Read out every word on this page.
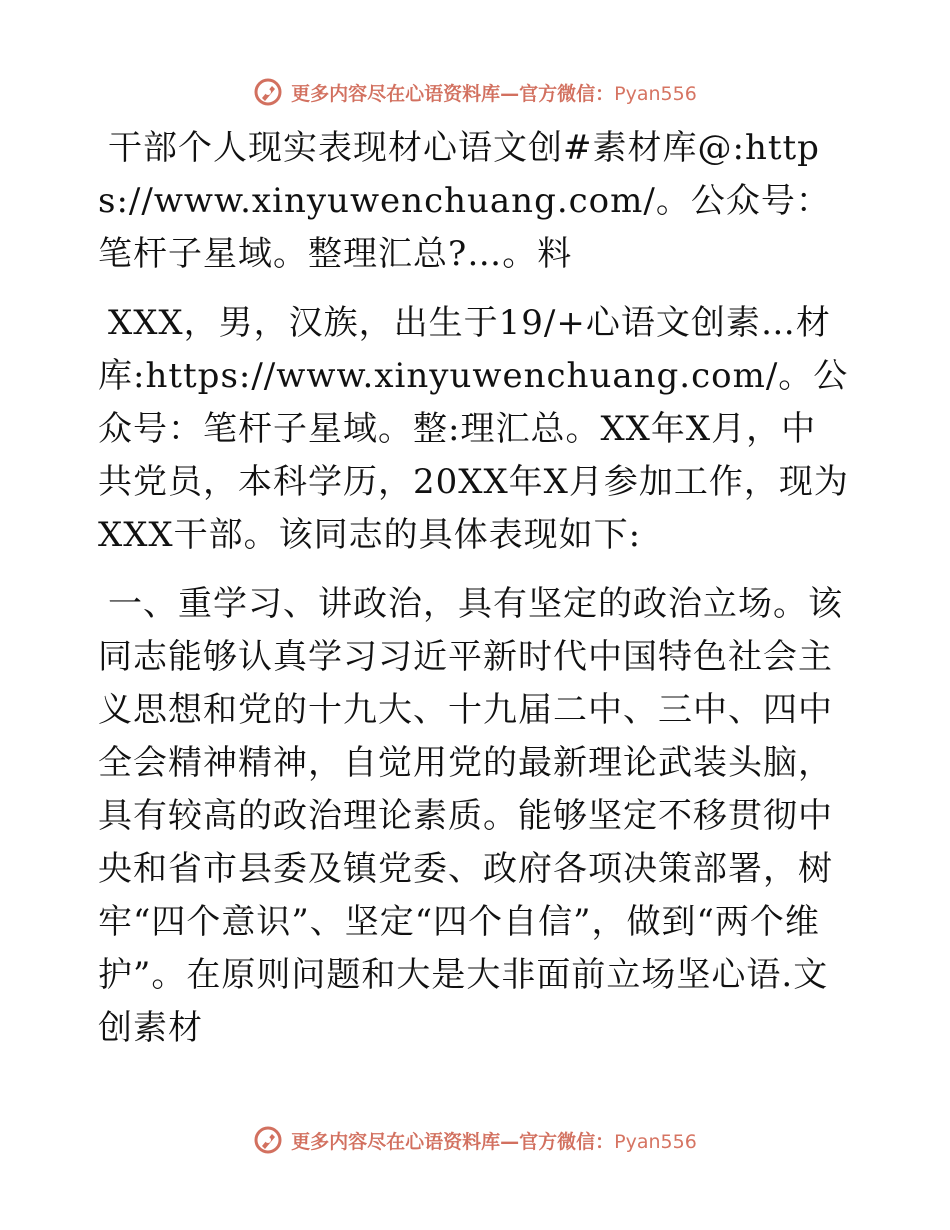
更多内容尽在心语资料库—官方微信：Pyan556

干部个人现实表现材心语文创#素材库@:https://www.xinyuwenchuang.com/。公众号：笔杆子星域。整理汇总?…。料

XXX，男，汉族，出生于19/+心语文创素…材库:https://www.xinyuwenchuang.com/。公众号：笔杆子星域。整:理汇总。XX年X月，中共党员，本科学历，20XX年X月参加工作，现为XXX干部。该同志的具体表现如下:

一、重学习、讲政治，具有坚定的政治立场。该同志能够认真学习习近平新时代中国特色社会主义思想和党的十九大、十九届二中、三中、四中全会精神精神，自觉用党的最新理论武装头脑，具有较高的政治理论素质。能够坚定不移贯彻中央和省市县委及镇党委、政府各项决策部署，树牢“四个意识”、坚定“四个自信”，做到“两个维护”。在原则问题和大是大非面前立场坚心语.文创素材

更多内容尽在心语资料库—官方微信：Pyan556
